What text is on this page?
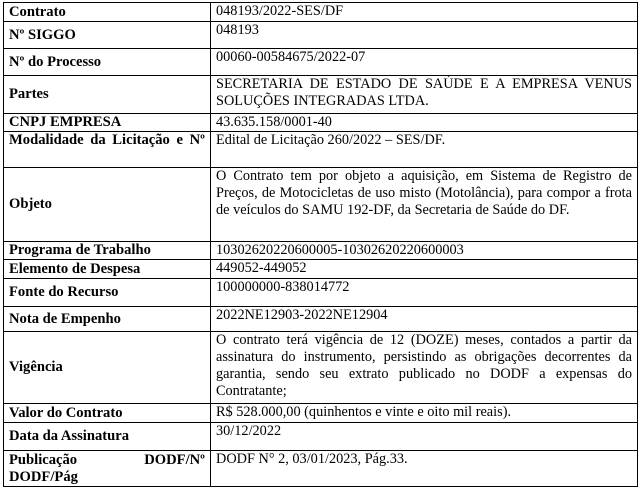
Contrato	048193/2022-SES/DF
Nº SIGGO	048193
Nº do Processo	00060-00584675/2022-07
Partes	SECRETARIA DE ESTADO DE SAÚDE E A EMPRESA VENUS SOLUÇÕES INTEGRADAS LTDA.
CNPJ EMPRESA	43.635.158/0001-40
Modalidade da Licitação e Nº	Edital de Licitação 260/2022 – SES/DF.
Objeto	O Contrato tem por objeto a aquisição, em Sistema de Registro de Preços, de Motocicletas de uso misto (Motolância), para compor a frota de veículos do SAMU 192-DF, da Secretaria de Saúde do DF.
Programa de Trabalho	10302620220600005-10302620220600003
Elemento de Despesa	449052-449052
Fonte do Recurso	100000000-838014772
Nota de Empenho	2022NE12903-2022NE12904
Vigência	O contrato terá vigência de 12 (DOZE) meses, contados a partir da assinatura do instrumento, persistindo as obrigações decorrentes da garantia, sendo seu extrato publicado no DODF a expensas do Contratante;
Valor do Contrato	R$ 528.000,00 (quinhentos e vinte e oito mil reais).
Data da Assinatura	30/12/2022
Publicação DODF/Nº DODF/Pág	DODF N° 2, 03/01/2023, Pág.33.
